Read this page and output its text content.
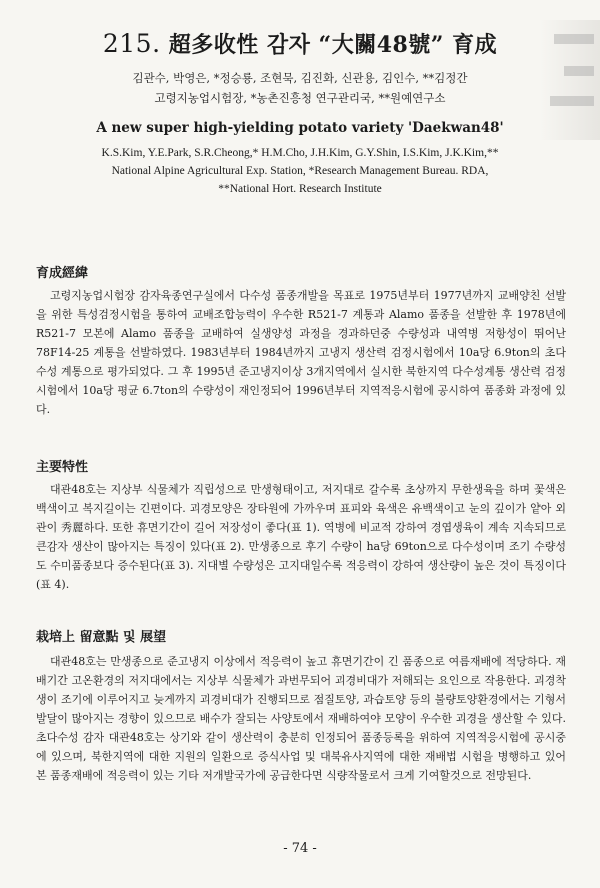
215. 超多收性 감자 “大關48號” 育成
김관수, 박영은, *정승룡, 조현묵, 김진화, 신관용, 김인수, **김정간
고령지농업시험장, *농촌진흥청 연구관리국, **원예연구소
A new super high-yielding potato variety 'Daekwan48'
K.S.Kim, Y.E.Park, S.R.Cheong,* H.M.Cho, J.H.Kim, G.Y.Shin, I.S.Kim, J.K.Kim,**
National Alpine Agricultural Exp. Station, *Research Management Bureau. RDA,
**National Hort. Research Institute
育成經緯

고령지농업시험장 감자육종연구실에서 다수성 품종개발을 목표로 1975년부터 1977년까지 교배양친 선발을 위한 특성검정시험을 통하여 교배조합능력이 우수한 R521-7 계통과 Alamo 품종을 선발한 후 1978년에 R521-7 모본에 Alamo 품종을 교배하여 실생양성 과정을 경과하던중 수량성과 내역병 저항성이 뛰어난 78F14-25 계통을 선발하였다. 1983년부터 1984년까지 고냉지 생산력 검정시험에서 10a당 6.9ton의 초다수성 계통으로 평가되었다. 그 후 1995년 준고냉지이상 3개지역에서 실시한 북한지역 다수성계통 생산력 검정시험에서 10a당 평균 6.7ton의 수량성이 재인정되어 1996년부터 지역적응시험에 공시하여 품종화 과정에 있다.

主要特性

대관48호는 지상부 식물체가 직립성으로 만생형태이고, 저지대로 갈수록 초상까지 무한생육을 하며 꽃색은 백색이고 복지길이는 긴편이다. 괴경모양은 장타원에 가까우며 표피와 육색은 유백색이고 눈의 깊이가 얕아 외관이 秀麗하다. 또한 휴면기간이 길어 저장성이 좋다(표 1). 역병에 비교적 강하여 경엽생육이 계속 지속되므로 큰감자 생산이 많아지는 특징이 있다(표 2). 만생종으로 후기 수량이 ha당 69ton으로 다수성이며 조기 수량성도 수미품종보다 증수된다(표 3). 지대별 수량성은 고지대일수록 적응력이 강하여 생산량이 높은 것이 특징이다(표 4).

栽培上 留意點 및 展望

대관48호는 만생종으로 준고냉지 이상에서 적응력이 높고 휴면기간이 긴 품종으로 여름재배에 적당하다. 재배기간 고온환경의 저지대에서는 지상부 식물체가 과번무되어 괴경비대가 저해되는 요인으로 작용한다. 괴경착생이 조기에 이루어지고 늦게까지 괴경비대가 진행되므로 점질토양, 과습토양 등의 불량토양환경에서는 기형서 발달이 많아지는 경향이 있으므로 배수가 잘되는 사양토에서 재배하여야 모양이 우수한 괴경을 생산할 수 있다. 초다수성 감자 대관48호는 상기와 같이 생산력이 충분히 인정되어 품종등록을 위하여 지역적응시험에 공시중에 있으며, 북한지역에 대한 지원의 일환으로 증식사업 및 대북유사지역에 대한 재배법 시험을 병행하고 있어 본 품종재배에 적응력이 있는 기타 저개발국가에 공급한다면 식량작물로서 크게 기여할것으로 전망된다.

- 74 -
